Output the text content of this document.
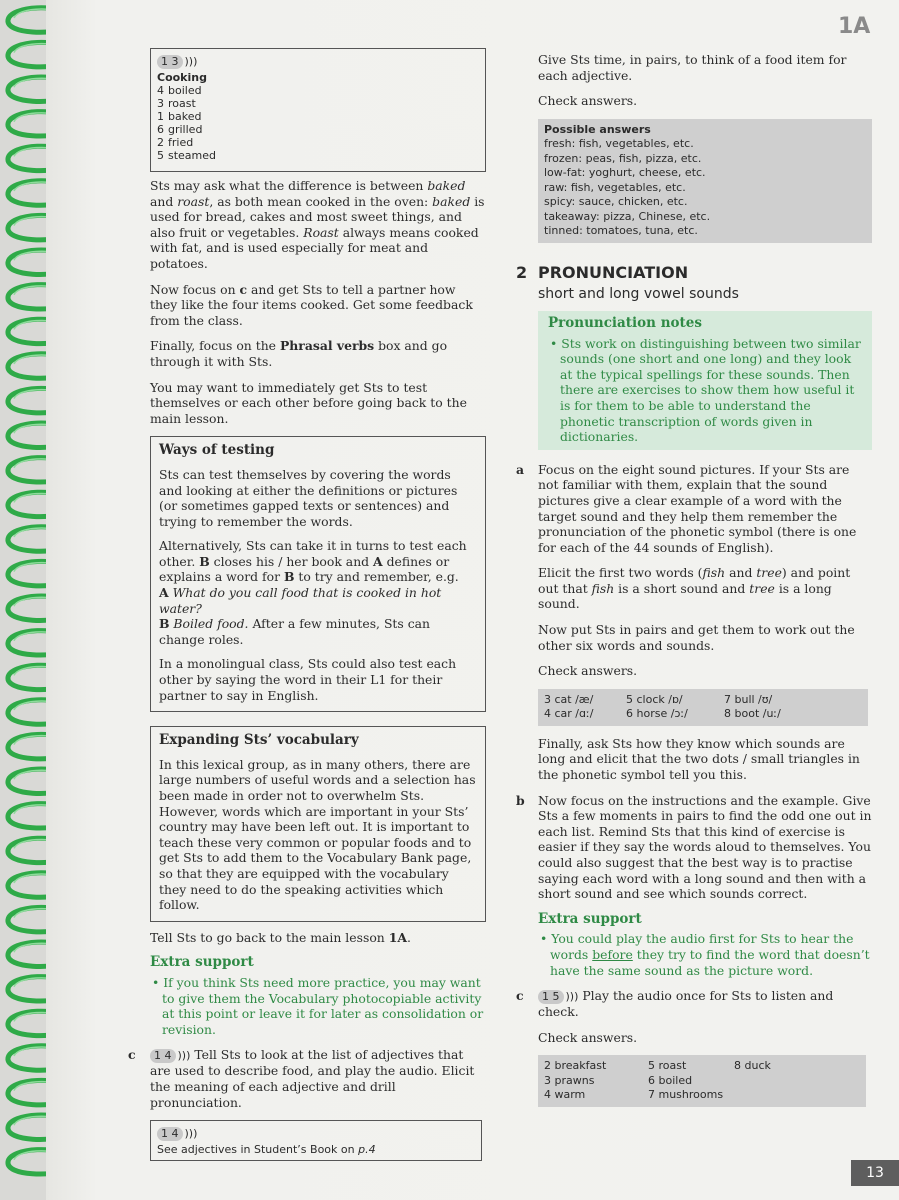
1A
13
1 3 )))
Cooking
4 boiled
3 roast
1 baked
6 grilled
2 fried
5 steamed

Sts may ask what the difference is between baked and roast, as both mean cooked in the oven: baked is used for bread, cakes and most sweet things, and also fruit or vegetables. Roast always means cooked with fat, and is used especially for meat and potatoes.

Now focus on c and get Sts to tell a partner how they like the four items cooked. Get some feedback from the class.

Finally, focus on the Phrasal verbs box and go through it with Sts.

You may want to immediately get Sts to test themselves or each other before going back to the main lesson.

Ways of testing

Sts can test themselves by covering the words and looking at either the definitions or pictures (or sometimes gapped texts or sentences) and trying to remember the words.

Alternatively, Sts can take it in turns to test each other. B closes his / her book and A defines or explains a word for B to try and remember, e.g.
A What do you call food that is cooked in hot water?
B Boiled food. After a few minutes, Sts can change roles.

In a monolingual class, Sts could also test each other by saying the word in their L1 for their partner to say in English.

Expanding Sts’ vocabulary

In this lexical group, as in many others, there are large numbers of useful words and a selection has been made in order not to overwhelm Sts. However, words which are important in your Sts’ country may have been left out. It is important to teach these very common or popular foods and to get Sts to add them to the Vocabulary Bank page, so that they are equipped with the vocabulary they need to do the speaking activities which follow.

Tell Sts to go back to the main lesson 1A.

Extra support

• If you think Sts need more practice, you may want to give them the Vocabulary photocopiable activity at this point or leave it for later as consolidation or revision.

c 1 4 ))) Tell Sts to look at the list of adjectives that are used to describe food, and play the audio. Elicit the meaning of each adjective and drill pronunciation.

1 4 )))
See adjectives in Student’s Book on p.4

Give Sts time, in pairs, to think of a food item for each adjective.

Check answers.

Possible answers
fresh: fish, vegetables, etc.
frozen: peas, fish, pizza, etc.
low-fat: yoghurt, cheese, etc.
raw: fish, vegetables, etc.
spicy: sauce, chicken, etc.
takeaway: pizza, Chinese, etc.
tinned: tomatoes, tuna, etc.
2 PRONUNCIATION
short and long vowel sounds
Pronunciation notes

• Sts work on distinguishing between two similar sounds (one short and one long) and they look at the typical spellings for these sounds. Then there are exercises to show them how useful it is for them to be able to understand the phonetic transcription of words given in dictionaries.

a Focus on the eight sound pictures. If your Sts are not familiar with them, explain that the sound pictures give a clear example of a word with the target sound and they help them remember the pronunciation of the phonetic symbol (there is one for each of the 44 sounds of English).

Elicit the first two words (fish and tree) and point out that fish is a short sound and tree is a long sound.

Now put Sts in pairs and get them to work out the other six words and sounds.

Check answers.

3 cat /æ/	5 clock /ɒ/	7 bull /ʊ/
4 car /ɑː/	6 horse /ɔː/	8 boot /uː/

Finally, ask Sts how they know which sounds are long and elicit that the two dots / small triangles in the phonetic symbol tell you this.

b Now focus on the instructions and the example. Give Sts a few moments in pairs to find the odd one out in each list. Remind Sts that this kind of exercise is easier if they say the words aloud to themselves. You could also suggest that the best way is to practise saying each word with a long sound and then with a short sound and see which sounds correct.

Extra support

• You could play the audio first for Sts to hear the words before they try to find the word that doesn’t have the same sound as the picture word.

c 1 5 ))) Play the audio once for Sts to listen and check.

Check answers.

2 breakfast	5 roast	8 duck
3 prawns	6 boiled
4 warm	7 mushrooms
